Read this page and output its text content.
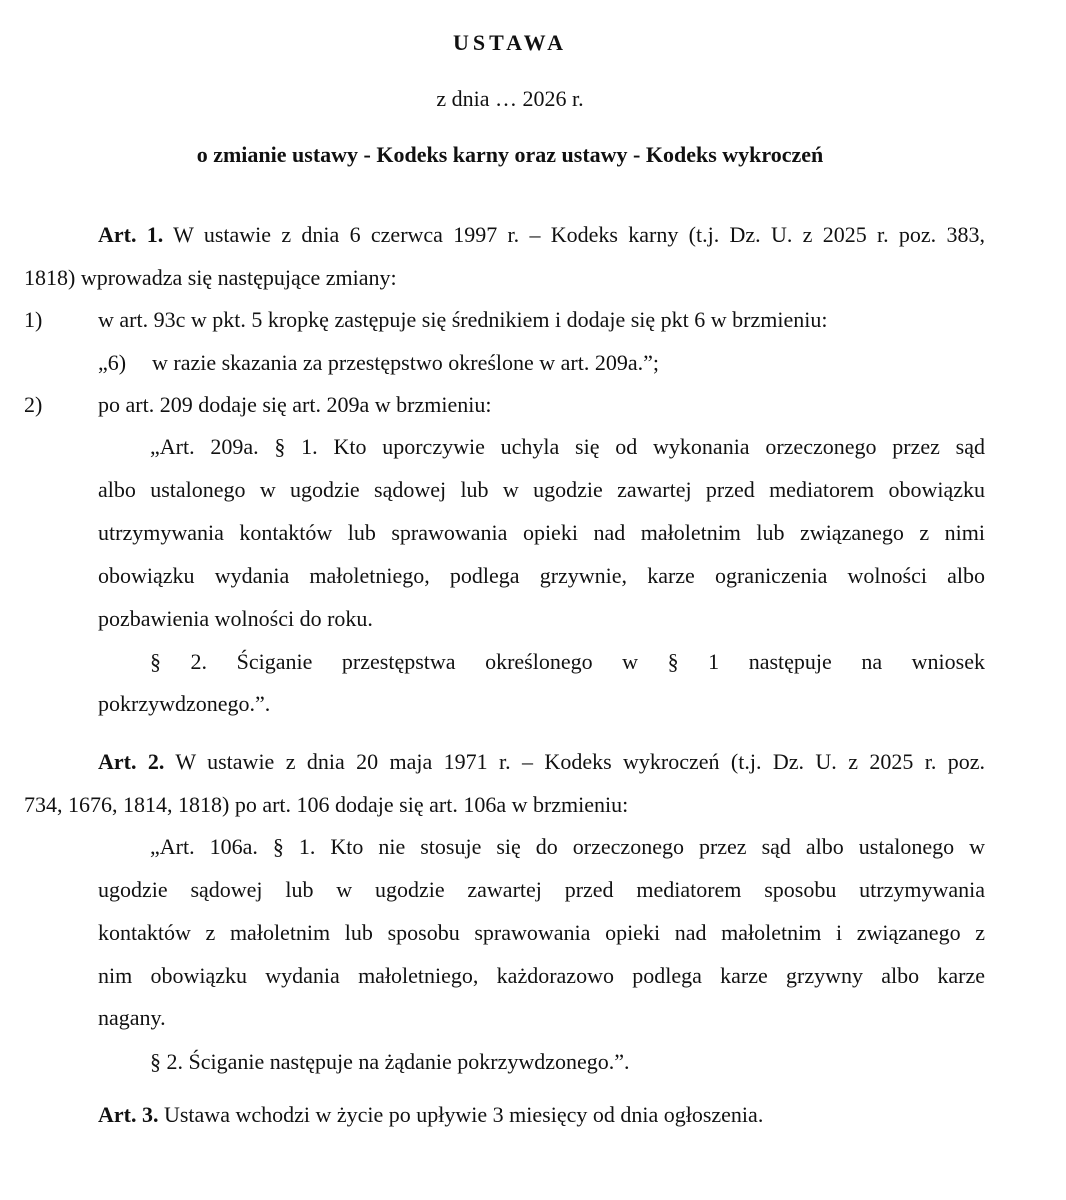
USTAWA
z dnia … 2026 r.
o zmianie ustawy - Kodeks karny oraz ustawy - Kodeks wykroczeń
Art. 1. W ustawie z dnia 6 czerwca 1997 r. – Kodeks karny (t.j. Dz. U. z 2025 r. poz. 383,
1818) wprowadza się następujące zmiany:
1)	w art. 93c w pkt. 5 kropkę zastępuje się średnikiem i dodaje się pkt 6 w brzmieniu:
„6) w razie skazania za przestępstwo określone w art. 209a.”;
2)	po art. 209 dodaje się art. 209a w brzmieniu:
„Art. 209a. § 1. Kto uporczywie uchyla się od wykonania orzeczonego przez sąd
albo ustalonego w ugodzie sądowej lub w ugodzie zawartej przed mediatorem obowiązku
utrzymywania kontaktów lub sprawowania opieki nad małoletnim lub związanego z nimi
obowiązku wydania małoletniego, podlega grzywnie, karze ograniczenia wolności albo
pozbawienia wolności do roku.
§ 2. Ściganie przestępstwa określonego w § 1 następuje na wniosek
pokrzywdzonego.”.
Art. 2. W ustawie z dnia 20 maja 1971 r. – Kodeks wykroczeń (t.j. Dz. U. z 2025 r. poz.
734, 1676, 1814, 1818) po art. 106 dodaje się art. 106a w brzmieniu:
„Art. 106a. § 1. Kto nie stosuje się do orzeczonego przez sąd albo ustalonego w
ugodzie sądowej lub w ugodzie zawartej przed mediatorem sposobu utrzymywania
kontaktów z małoletnim lub sposobu sprawowania opieki nad małoletnim i związanego z
nim obowiązku wydania małoletniego, każdorazowo podlega karze grzywny albo karze
nagany.
§ 2. Ściganie następuje na żądanie pokrzywdzonego.”.
Art. 3. Ustawa wchodzi w życie po upływie 3 miesięcy od dnia ogłoszenia.
